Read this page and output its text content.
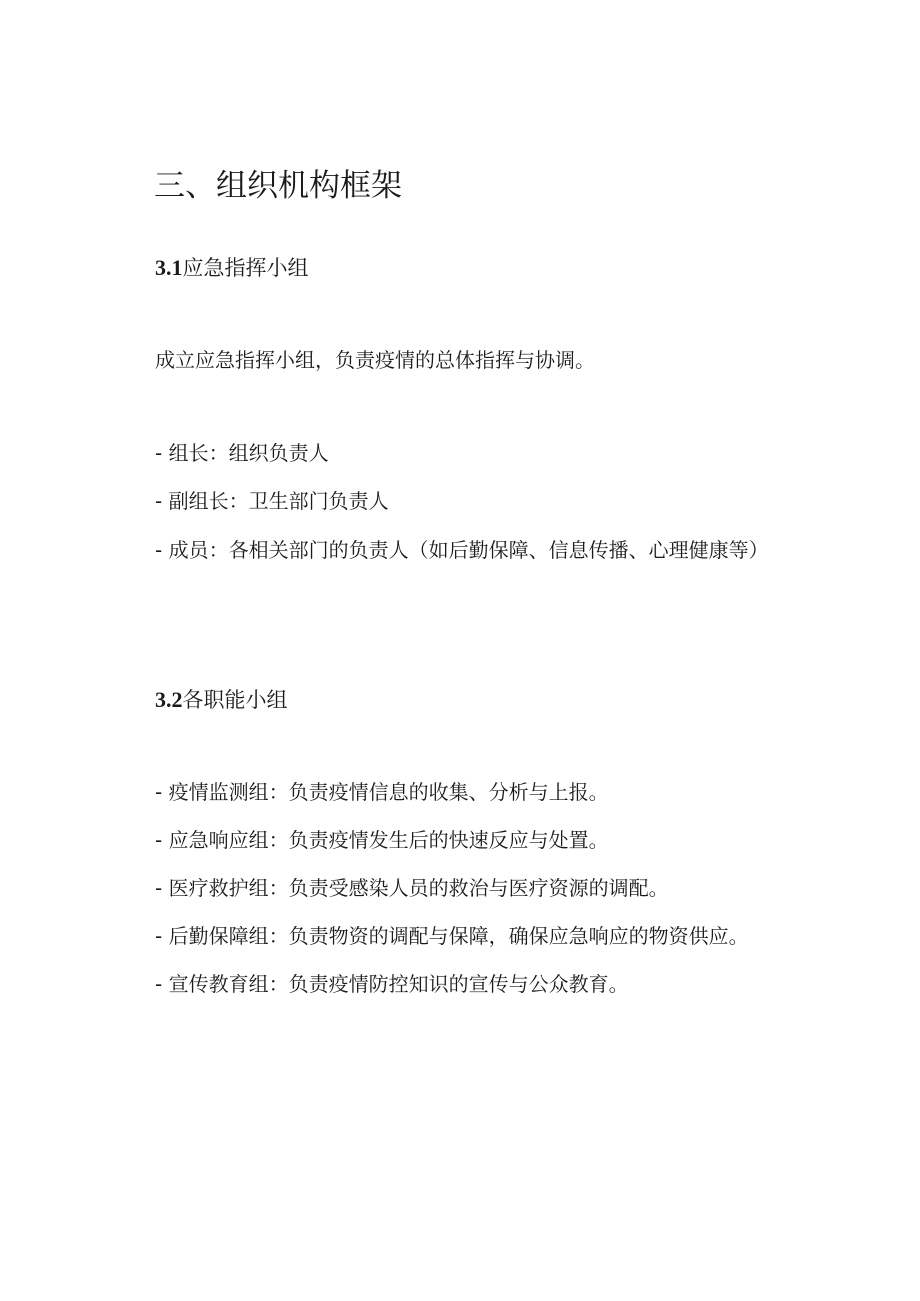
三、组织机构框架
3.1应急指挥小组

成立应急指挥小组，负责疫情的总体指挥与协调。

- 组长：组织负责人

- 副组长：卫生部门负责人

- 成员：各相关部门的负责人（如后勤保障、信息传播、心理健康等）

3.2各职能小组

- 疫情监测组：负责疫情信息的收集、分析与上报。

- 应急响应组：负责疫情发生后的快速反应与处置。

- 医疗救护组：负责受感染人员的救治与医疗资源的调配。

- 后勤保障组：负责物资的调配与保障，确保应急响应的物资供应。

- 宣传教育组：负责疫情防控知识的宣传与公众教育。
